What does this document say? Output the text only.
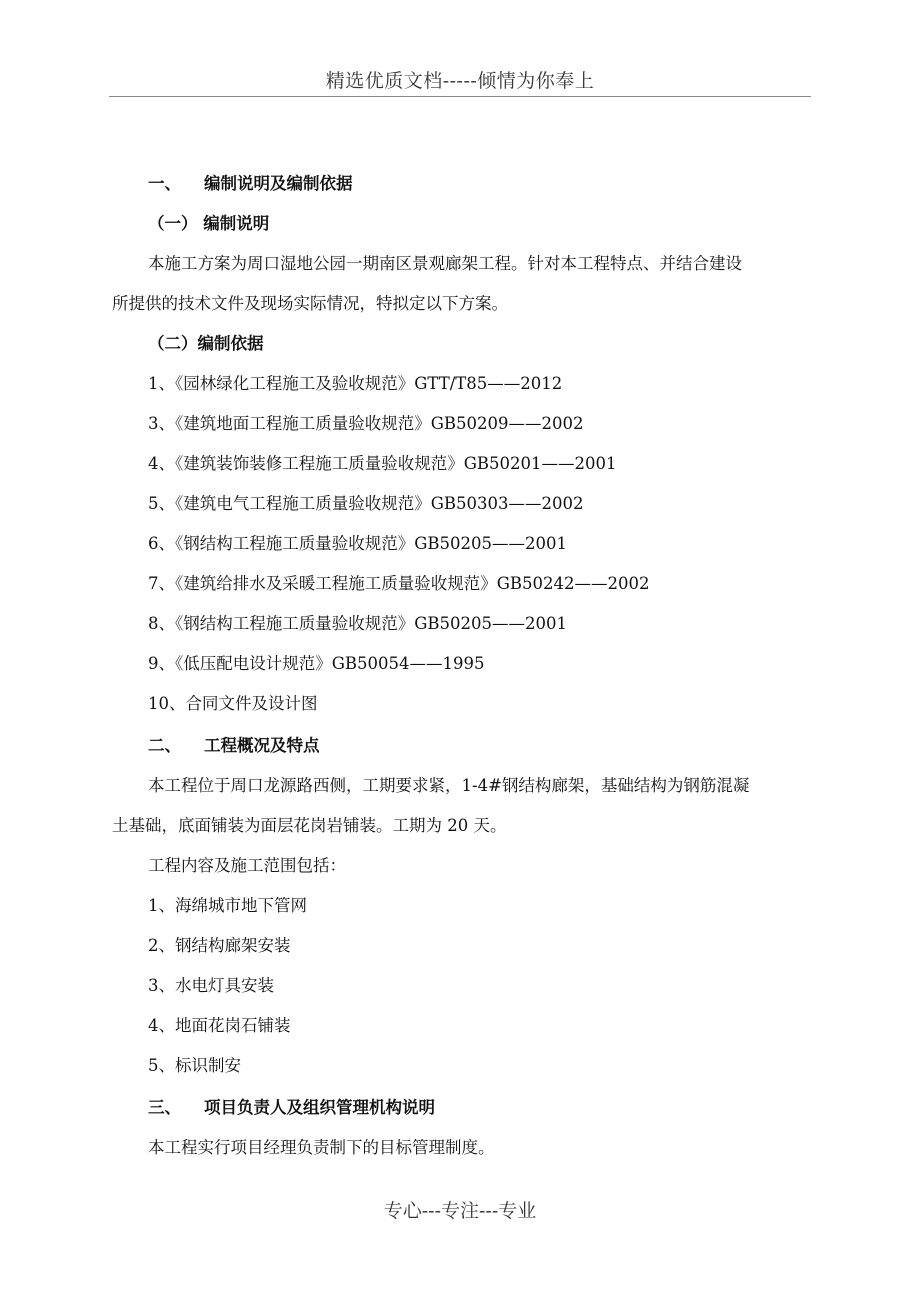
精选优质文档-----倾情为你奉上
一、 编制说明及编制依据
（一） 编制说明
本施工方案为周口湿地公园一期南区景观廊架工程。针对本工程特点、并结合建设
所提供的技术文件及现场实际情况，特拟定以下方案。
（二）编制依据
1、《园林绿化工程施工及验收规范》GTT/T85——2012
3、《建筑地面工程施工质量验收规范》GB50209——2002
4、《建筑装饰装修工程施工质量验收规范》GB50201——2001
5、《建筑电气工程施工质量验收规范》GB50303——2002
6、《钢结构工程施工质量验收规范》GB50205——2001
7、《建筑给排水及采暖工程施工质量验收规范》GB50242——2002
8、《钢结构工程施工质量验收规范》GB50205——2001
9、《低压配电设计规范》GB50054——1995
10、合同文件及设计图
二、 工程概况及特点
本工程位于周口龙源路西侧，工期要求紧，1-4#钢结构廊架，基础结构为钢筋混凝
土基础，底面铺装为面层花岗岩铺装。工期为 20 天。
工程内容及施工范围包括：
1、海绵城市地下管网
2、钢结构廊架安装
3、水电灯具安装
4、地面花岗石铺装
5、标识制安
三、 项目负责人及组织管理机构说明
本工程实行项目经理负责制下的目标管理制度。
专心---专注---专业
